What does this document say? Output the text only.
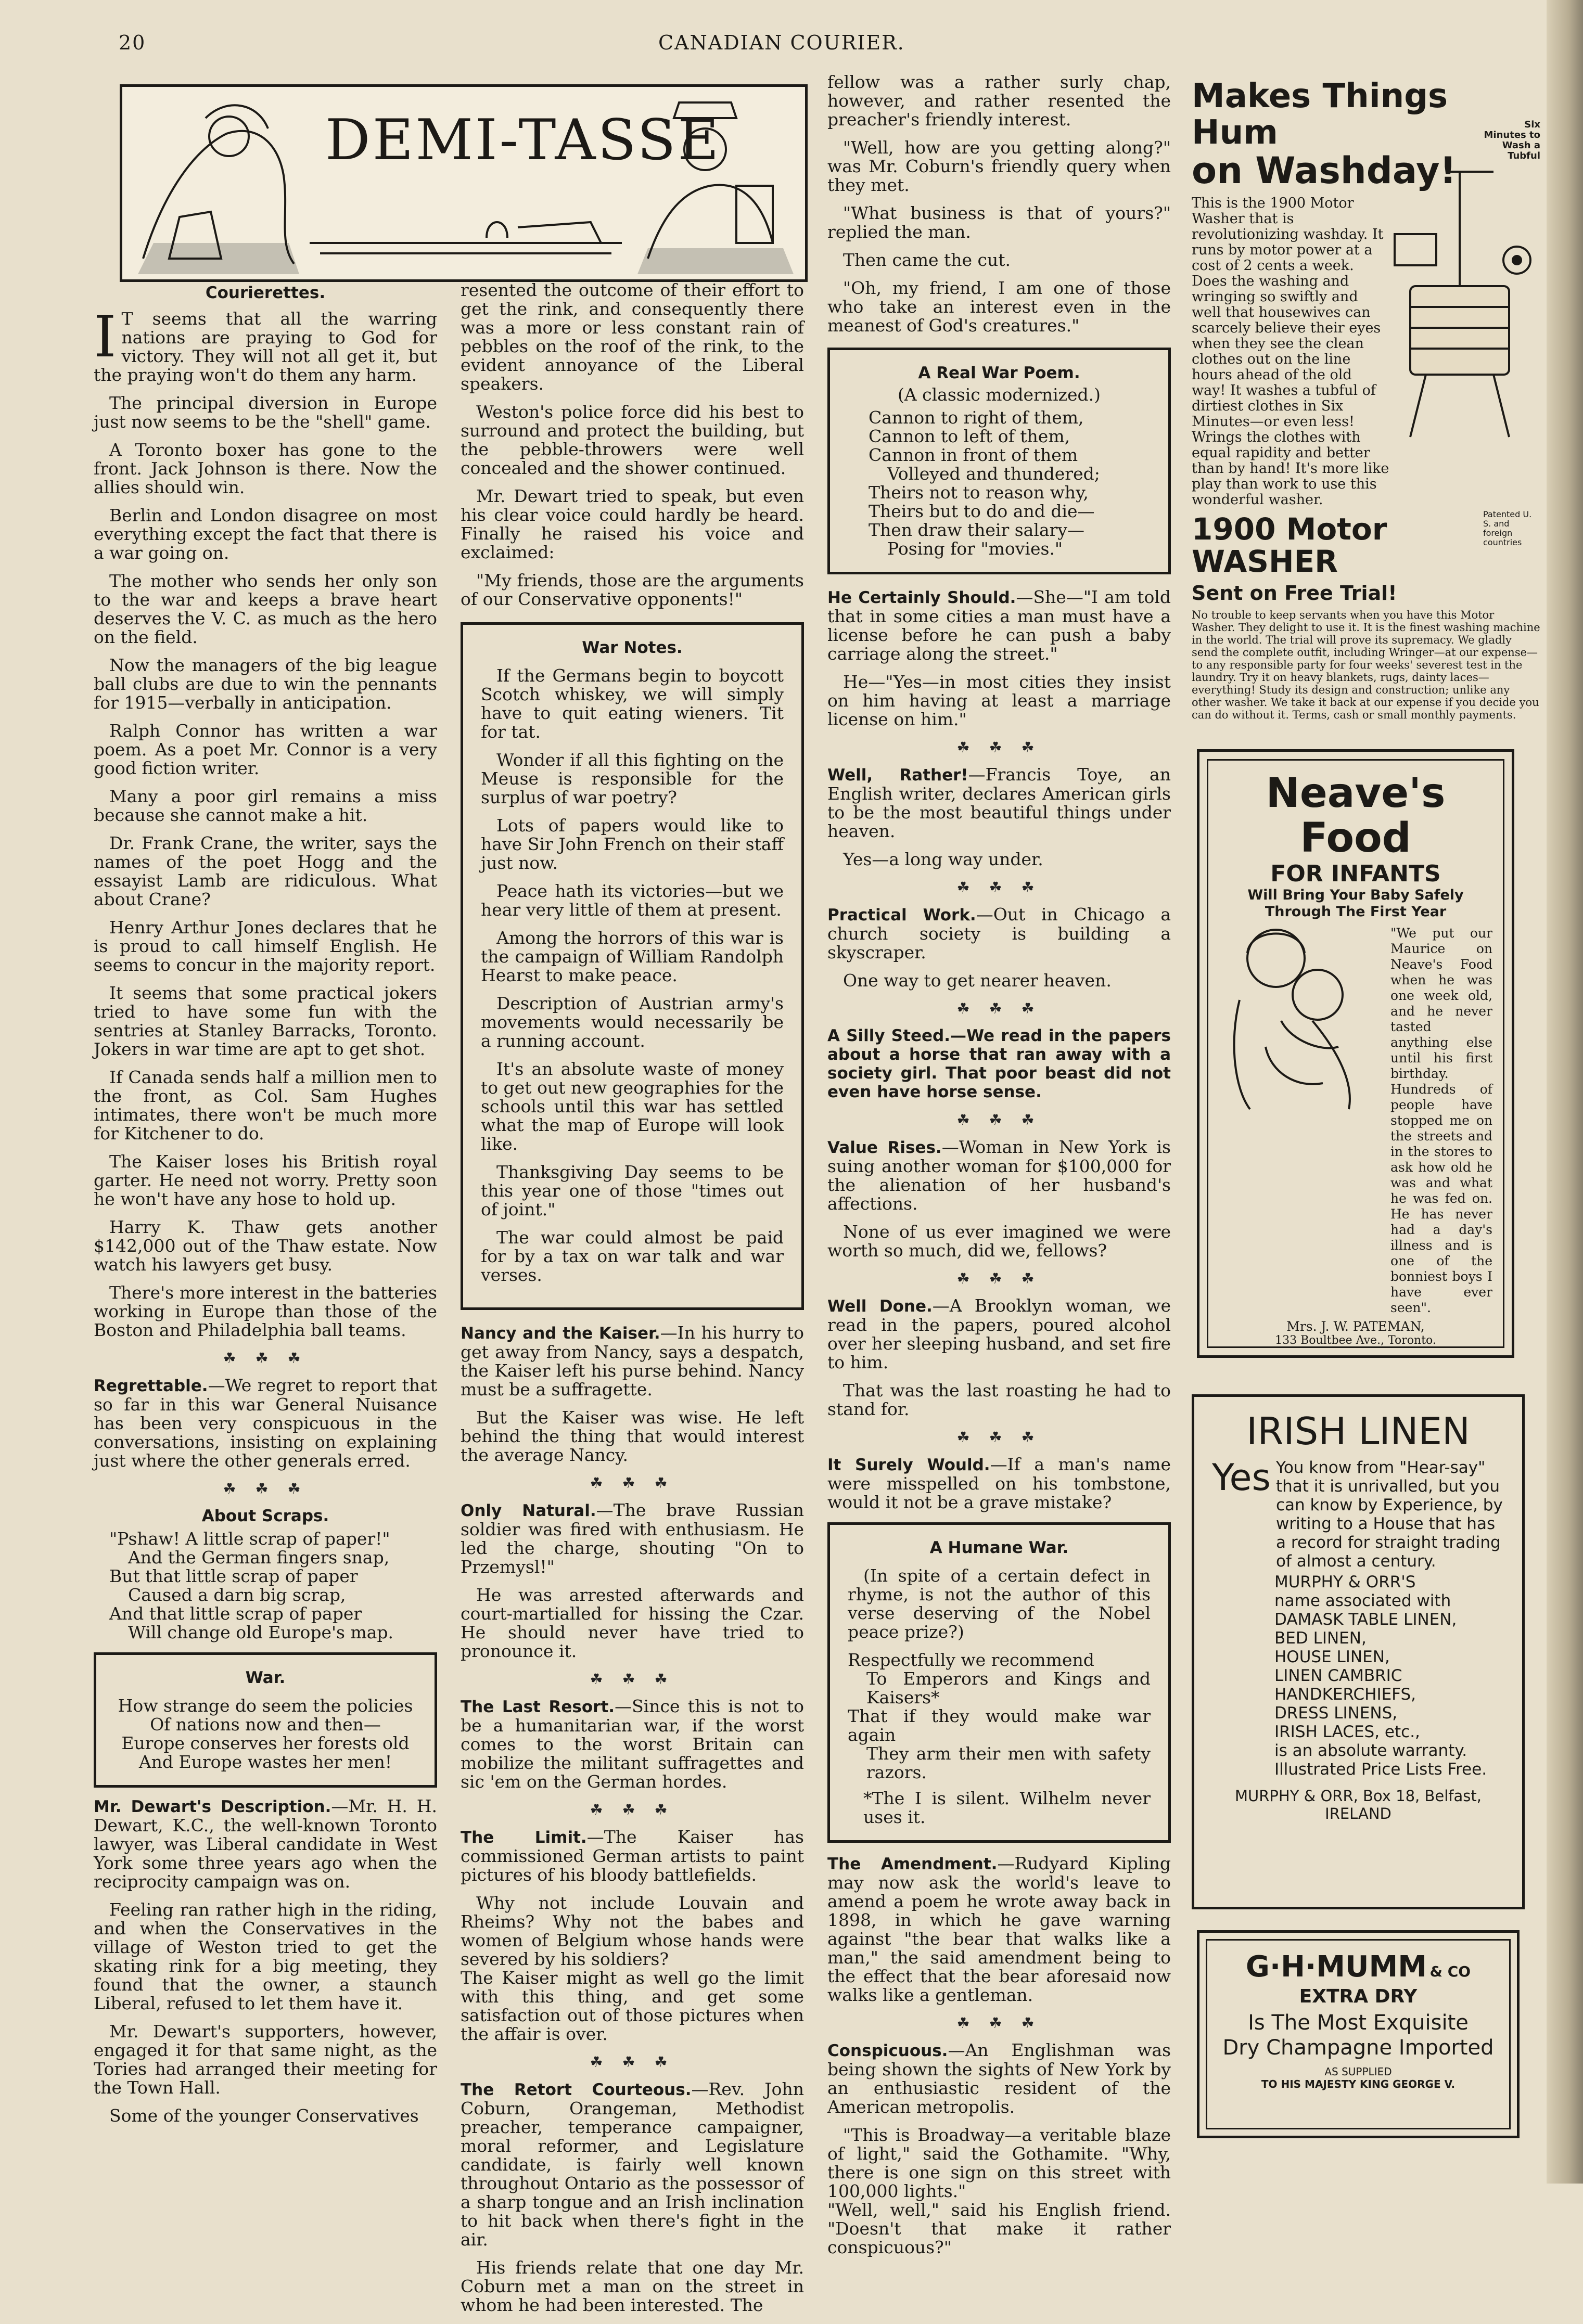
20	CANADIAN COURIER.
DEMI-TASSE
Courierettes.

I T seems that all the warring nations are praying to God for victory. They will not all get it, but the praying won't do them any harm.

The principal diversion in Europe just now seems to be the "shell" game.

A Toronto boxer has gone to the front. Jack Johnson is there. Now the allies should win.

Berlin and London disagree on most everything except the fact that there is a war going on.

The mother who sends her only son to the war and keeps a brave heart deserves the V. C. as much as the hero on the field.

Now the managers of the big league ball clubs are due to win the pennants for 1915—verbally in anticipation.

Ralph Connor has written a war poem. As a poet Mr. Connor is a very good fiction writer.

Many a poor girl remains a miss because she cannot make a hit.

Dr. Frank Crane, the writer, says the names of the poet Hogg and the essayist Lamb are ridiculous. What about Crane?

Henry Arthur Jones declares that he is proud to call himself English. He seems to concur in the majority report.

It seems that some practical jokers tried to have some fun with the sentries at Stanley Barracks, Toronto. Jokers in war time are apt to get shot.

If Canada sends half a million men to the front, as Col. Sam Hughes intimates, there won't be much more for Kitchener to do.

The Kaiser loses his British royal garter. He need not worry. Pretty soon he won't have any hose to hold up.

Harry K. Thaw gets another $142,000 out of the Thaw estate. Now watch his lawyers get busy.

There's more interest in the batteries working in Europe than those of the Boston and Philadelphia ball teams.

☘ ☘ ☘

Regrettable.—We regret to report that so far in this war General Nuisance has been very conspicuous in the conversations, insisting on explaining just where the other generals erred.

☘ ☘ ☘
About Scraps.
"Pshaw! A little scrap of paper!"
And the German fingers snap,
But that little scrap of paper
Caused a darn big scrap,
And that little scrap of paper
Will change old Europe's map.
War.
How strange do seem the policies
Of nations now and then—
Europe conserves her forests old
And Europe wastes her men!

Mr. Dewart's Description.—Mr. H. H. Dewart, K.C., the well-known Toronto lawyer, was Liberal candidate in West York some three years ago when the reciprocity campaign was on.

Feeling ran rather high in the riding, and when the Conservatives in the village of Weston tried to get the skating rink for a big meeting, they found that the owner, a staunch Liberal, refused to let them have it.

Mr. Dewart's supporters, however, engaged it for that same night, as the Tories had arranged their meeting for the Town Hall.

Some of the younger Conservatives

resented the outcome of their effort to get the rink, and consequently there was a more or less constant rain of pebbles on the roof of the rink, to the evident annoyance of the Liberal speakers.

Weston's police force did his best to surround and protect the building, but the pebble-throwers were well concealed and the shower continued.

Mr. Dewart tried to speak, but even his clear voice could hardly be heard. Finally he raised his voice and exclaimed:

"My friends, those are the arguments of our Conservative opponents!"

War Notes.

If the Germans begin to boycott Scotch whiskey, we will simply have to quit eating wieners. Tit for tat.

Wonder if all this fighting on the Meuse is responsible for the surplus of war poetry?

Lots of papers would like to have Sir John French on their staff just now.

Peace hath its victories—but we hear very little of them at present.

Among the horrors of this war is the campaign of William Randolph Hearst to make peace.

Description of Austrian army's movements would necessarily be a running account.

It's an absolute waste of money to get out new geographies for the schools until this war has settled what the map of Europe will look like.

Thanksgiving Day seems to be this year one of those "times out of joint."

The war could almost be paid for by a tax on war talk and war verses.

Nancy and the Kaiser.—In his hurry to get away from Nancy, says a despatch, the Kaiser left his purse behind. Nancy must be a suffragette.

But the Kaiser was wise. He left behind the thing that would interest the average Nancy.

☘ ☘ ☘

Only Natural.—The brave Russian soldier was fired with enthusiasm. He led the charge, shouting "On to Przemysl!"

He was arrested afterwards and court-martialled for hissing the Czar. He should never have tried to pronounce it.

☘ ☘ ☘

The Last Resort.—Since this is not to be a humanitarian war, if the worst comes to the worst Britain can mobilize the militant suffragettes and sic 'em on the German hordes.

☘ ☘ ☘

The Limit.—The Kaiser has commissioned German artists to paint pictures of his bloody battlefields.

Why not include Louvain and Rheims? Why not the babes and women of Belgium whose hands were severed by his soldiers?
The Kaiser might as well go the limit with this thing, and get some satisfaction out of those pictures when the affair is over.

☘ ☘ ☘

The Retort Courteous.—Rev. John Coburn, Orangeman, Methodist preacher, temperance campaigner, moral reformer, and Legislature candidate, is fairly well known throughout Ontario as the possessor of a sharp tongue and an Irish inclination to hit back when there's fight in the air.

His friends relate that one day Mr. Coburn met a man on the street in whom he had been interested. The

fellow was a rather surly chap, however, and rather resented the preacher's friendly interest.

"Well, how are you getting along?" was Mr. Coburn's friendly query when they met.

"What business is that of yours?" replied the man.

Then came the cut.

"Oh, my friend, I am one of those who take an interest even in the meanest of God's creatures."

A Real War Poem.
(A classic modernized.)
Cannon to right of them,
Cannon to left of them,
Cannon in front of them
Volleyed and thundered;
Theirs not to reason why,
Theirs but to do and die—
Then draw their salary—
Posing for "movies."

He Certainly Should.—She—"I am told that in some cities a man must have a license before he can push a baby carriage along the street."

He—"Yes—in most cities they insist on him having at least a marriage license on him."

☘ ☘ ☘

Well, Rather!—Francis Toye, an English writer, declares American girls to be the most beautiful things under heaven.

Yes—a long way under.

☘ ☘ ☘

Practical Work.—Out in Chicago a church society is building a skyscraper.

One way to get nearer heaven.

☘ ☘ ☘

A Silly Steed.—We read in the papers about a horse that ran away with a society girl. That poor beast did not even have horse sense.

☘ ☘ ☘

Value Rises.—Woman in New York is suing another woman for $100,000 for the alienation of her husband's affections.

None of us ever imagined we were worth so much, did we, fellows?

☘ ☘ ☘

Well Done.—A Brooklyn woman, we read in the papers, poured alcohol over her sleeping husband, and set fire to him.

That was the last roasting he had to stand for.

☘ ☘ ☘

It Surely Would.—If a man's name were misspelled on his tombstone, would it not be a grave mistake?

A Humane War.

(In spite of a certain defect in rhyme, is not the author of this verse deserving of the Nobel peace prize?)

Respectfully we recommend
To Emperors and Kings and Kaisers*
That if they would make war again
They arm their men with safety razors.
*The I is silent. Wilhelm never uses it.

The Amendment.—Rudyard Kipling may now ask the world's leave to amend a poem he wrote away back in 1898, in which he gave warning against "the bear that walks like a man," the said amendment being to the effect that the bear aforesaid now walks like a gentleman.

☘ ☘ ☘

Conspicuous.—An Englishman was being shown the sights of New York by an enthusiastic resident of the American metropolis.

"This is Broadway—a veritable blaze of light," said the Gothamite. "Why, there is one sign on this street with 100,000 lights."
"Well, well," said his English friend. "Doesn't that make it rather conspicuous?"

Makes Things Hum
on Washday!
Six Minutes to Wash a Tubful
This is the 1900 Motor Washer that is revolutionizing washday. It runs by motor power at a cost of 2 cents a week. Does the washing and wringing so swiftly and well that housewives can scarcely believe their eyes when they see the clean clothes out on the line hours ahead of the old way! It washes a tubful of dirtiest clothes in Six Minutes—or even less! Wrings the clothes with equal rapidity and better than by hand! It's more like play than work to use this wonderful washer.
1900 Motor
WASHER
Patented U. S. and foreign countries
Sent on Free Trial!
No trouble to keep servants when you have this Motor Washer. They delight to use it. It is the finest washing machine in the world. The trial will prove its supremacy. We gladly send the complete outfit, including Wringer—at our expense—to any responsible party for four weeks' severest test in the laundry. Try it on heavy blankets, rugs, dainty laces—everything! Study its design and construction; unlike any other washer. We take it back at our expense if you decide you can do without it. Terms, cash or small monthly payments.
Neave's Food
FOR INFANTS
Will Bring Your Baby Safely Through The First Year
"We put our Maurice on Neave's Food when he was one week old, and he never tasted anything else until his first birthday. Hundreds of people have stopped me on the streets and in the stores to ask how old he was and what he was fed on. He has never had a day's illness and is one of the bonniest boys I have ever seen".
Mrs. J. W. PATEMAN,
133 Boultbee Ave., Toronto.
IRISH LINEN
Yes You know from "Hear-say" that it is unrivalled, but you can know by Experience, by writing to a House that has a record for straight trading of almost a century.
MURPHY & ORR'S
name associated with
DAMASK TABLE LINEN,
BED LINEN,
HOUSE LINEN,
LINEN CAMBRIC HANDKERCHIEFS,
DRESS LINENS,
IRISH LACES, etc.,
is an absolute warranty. Illustrated Price Lists Free.
MURPHY & ORR, Box 18, Belfast,
IRELAND
G·H·MUMM & CO
EXTRA DRY
Is The Most Exquisite
Dry Champagne Imported
AS SUPPLIED
TO HIS MAJESTY KING GEORGE V.
